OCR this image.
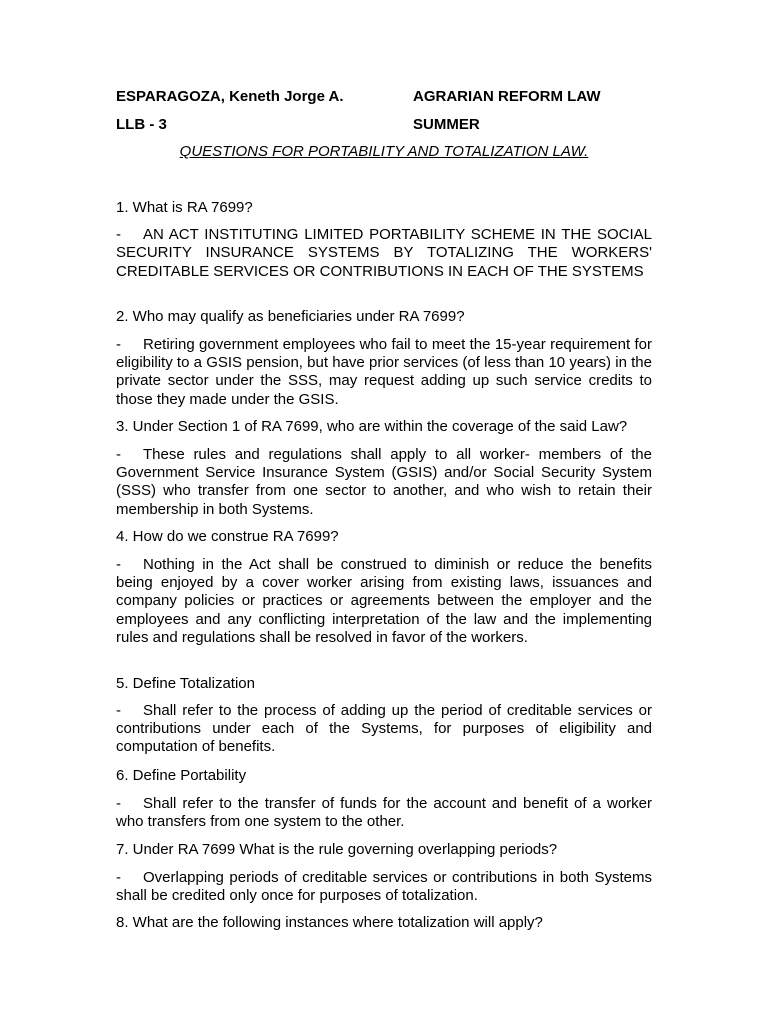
ESPARAGOZA, Keneth Jorge A.	AGRARIAN REFORM LAW
LLB - 3	SUMMER
QUESTIONS FOR PORTABILITY AND TOTALIZATION LAW.
1. What is RA 7699?
- AN ACT INSTITUTING LIMITED PORTABILITY SCHEME IN THE SOCIAL SECURITY INSURANCE SYSTEMS BY TOTALIZING THE WORKERS' CREDITABLE SERVICES OR CONTRIBUTIONS IN EACH OF THE SYSTEMS
2. Who may qualify as beneficiaries under RA 7699?
- Retiring government employees who fail to meet the 15-year requirement for eligibility to a GSIS pension, but have prior services (of less than 10 years) in the private sector under the SSS, may request adding up such service credits to those they made under the GSIS.
3. Under Section 1 of RA 7699, who are within the coverage of the said Law?
- These rules and regulations shall apply to all worker- members of the Government Service Insurance System (GSIS) and/or Social Security System (SSS) who transfer from one sector to another, and who wish to retain their membership in both Systems.
4. How do we construe RA 7699?
- Nothing in the Act shall be construed to diminish or reduce the benefits being enjoyed by a cover worker arising from existing laws, issuances and company policies or practices or agreements between the employer and the employees and any conflicting interpretation of the law and the implementing rules and regulations shall be resolved in favor of the workers.
5. Define Totalization
- Shall refer to the process of adding up the period of creditable services or contributions under each of the Systems, for purposes of eligibility and computation of benefits.
6. Define Portability
- Shall refer to the transfer of funds for the account and benefit of a worker who transfers from one system to the other.
7. Under RA 7699 What is the rule governing overlapping periods?
- Overlapping periods of creditable services or contributions in both Systems shall be credited only once for purposes of totalization.
8. What are the following instances where totalization will apply?
